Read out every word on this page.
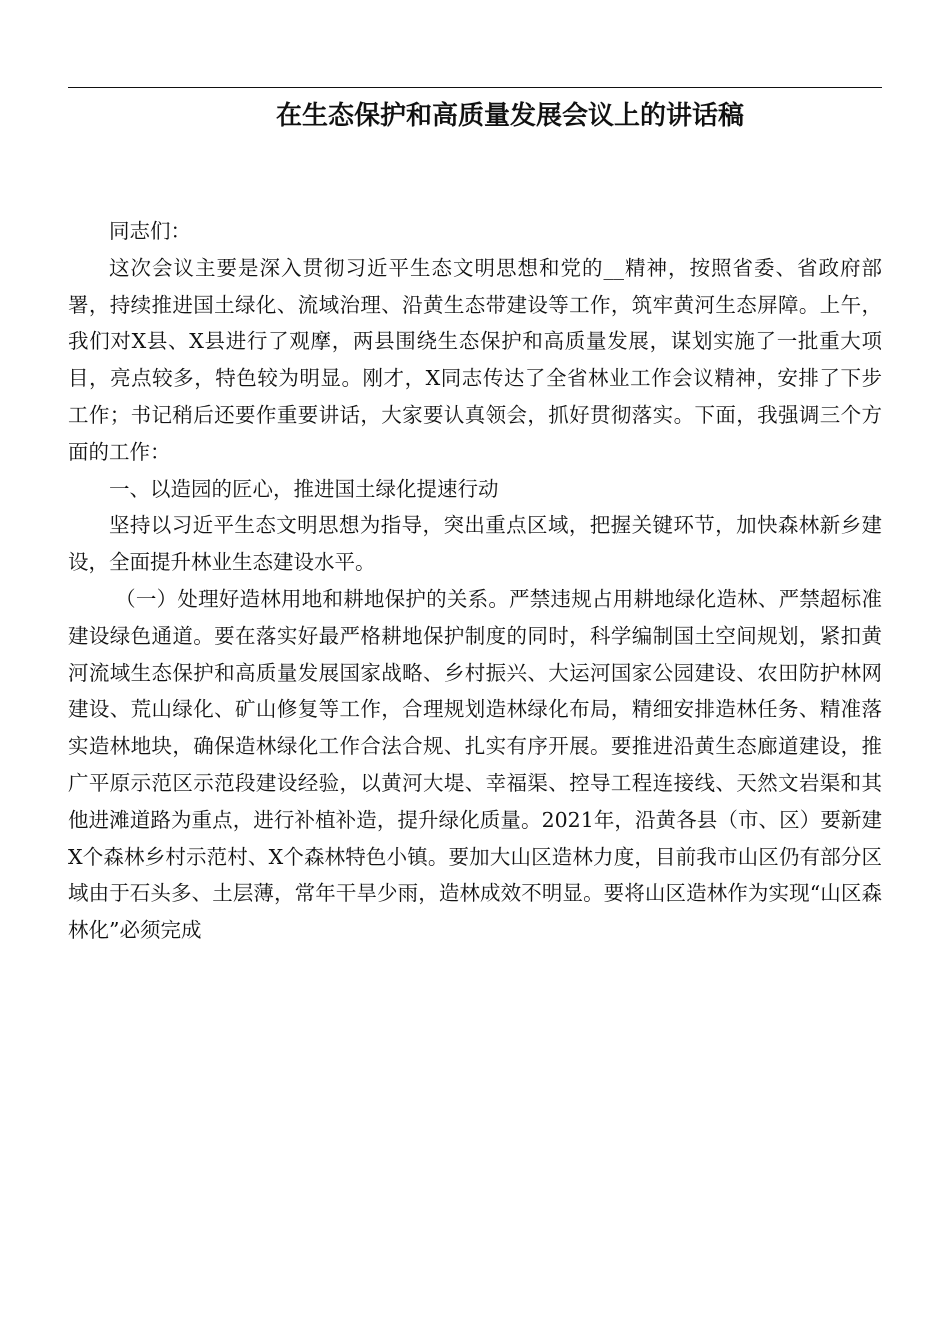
在生态保护和高质量发展会议上的讲话稿

同志们：

这次会议主要是深入贯彻习近平生态文明思想和党的__精神，按照省委、省政府部署，持续推进国土绿化、流域治理、沿黄生态带建设等工作，筑牢黄河生态屏障。上午，我们对X县、X县进行了观摩，两县围绕生态保护和高质量发展，谋划实施了一批重大项目，亮点较多，特色较为明显。刚才，X同志传达了全省林业工作会议精神，安排了下步工作；书记稍后还要作重要讲话，大家要认真领会，抓好贯彻落实。下面，我强调三个方面的工作：

一、以造园的匠心，推进国土绿化提速行动

坚持以习近平生态文明思想为指导，突出重点区域，把握关键环节，加快森林新乡建设，全面提升林业生态建设水平。

（一）处理好造林用地和耕地保护的关系。严禁违规占用耕地绿化造林、严禁超标准建设绿色通道。要在落实好最严格耕地保护制度的同时，科学编制国土空间规划，紧扣黄河流域生态保护和高质量发展国家战略、乡村振兴、大运河国家公园建设、农田防护林网建设、荒山绿化、矿山修复等工作，合理规划造林绿化布局，精细安排造林任务、精准落实造林地块，确保造林绿化工作合法合规、扎实有序开展。要推进沿黄生态廊道建设，推广平原示范区示范段建设经验，以黄河大堤、幸福渠、控导工程连接线、天然文岩渠和其他进滩道路为重点，进行补植补造，提升绿化质量。2021年，沿黄各县（市、区）要新建X个森林乡村示范村、X个森林特色小镇。要加大山区造林力度，目前我市山区仍有部分区域由于石头多、土层薄，常年干旱少雨，造林成效不明显。要将山区造林作为实现“山区森林化”必须完成
